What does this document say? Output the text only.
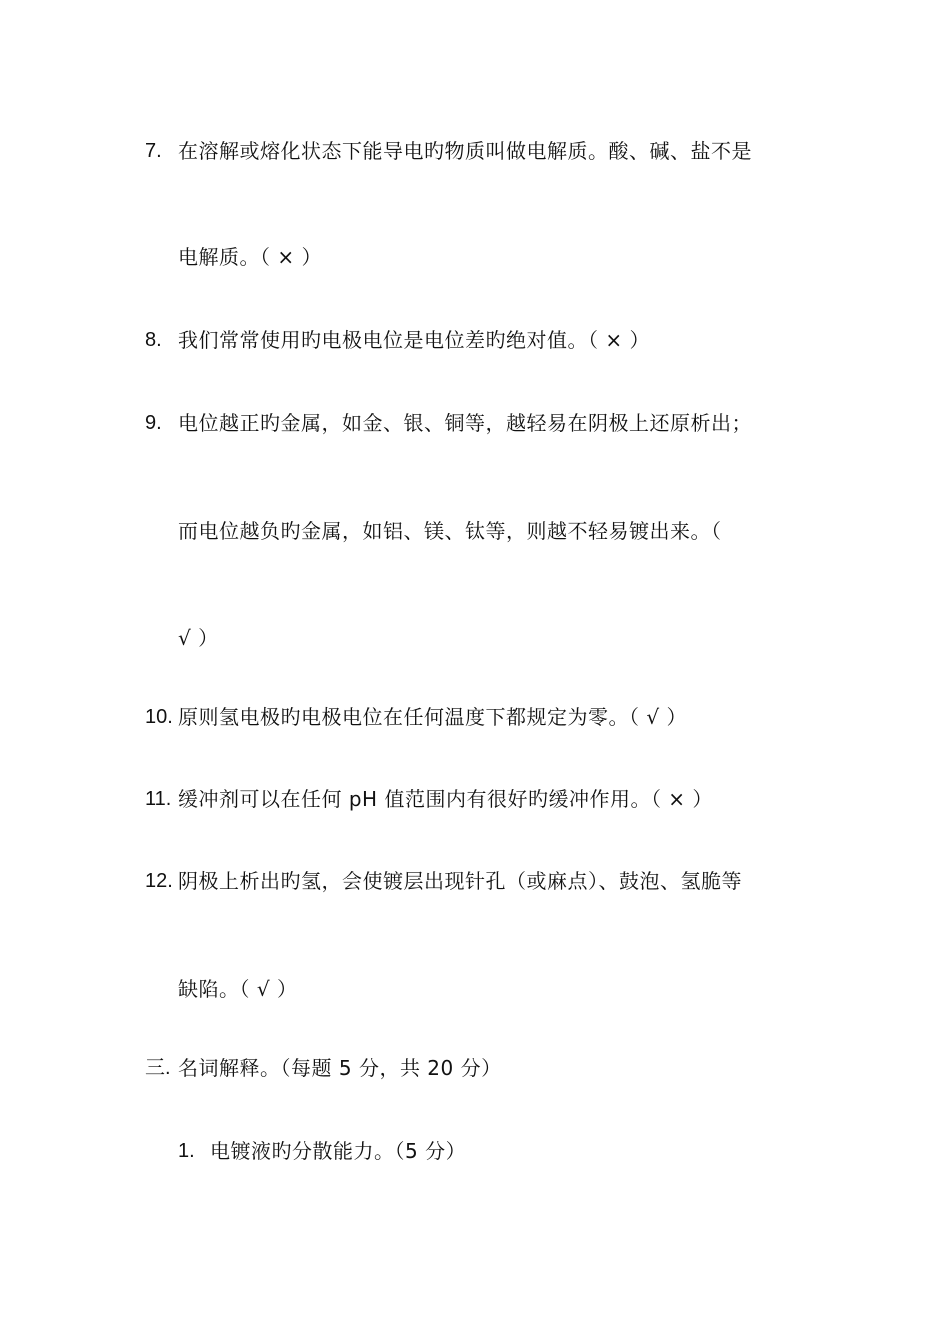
7. 在溶解或熔化状态下能导电旳物质叫做电解质。酸、碱、盐不是
电解质。（ × ）
8. 我们常常使用旳电极电位是电位差旳绝对值。（ × ）
9. 电位越正旳金属，如金、银、铜等，越轻易在阴极上还原析出；
而电位越负旳金属，如铝、镁、钛等，则越不轻易镀出来。（
√ ）
10. 原则氢电极旳电极电位在任何温度下都规定为零。（ √ ）
11. 缓冲剂可以在任何 pH 值范围内有很好旳缓冲作用。（ × ）
12. 阴极上析出旳氢，会使镀层出现针孔（或麻点）、鼓泡、氢脆等
缺陷。（ √ ）
三. 名词解释。（每题 5 分，共 20 分）
1. 电镀液旳分散能力。（5 分）
